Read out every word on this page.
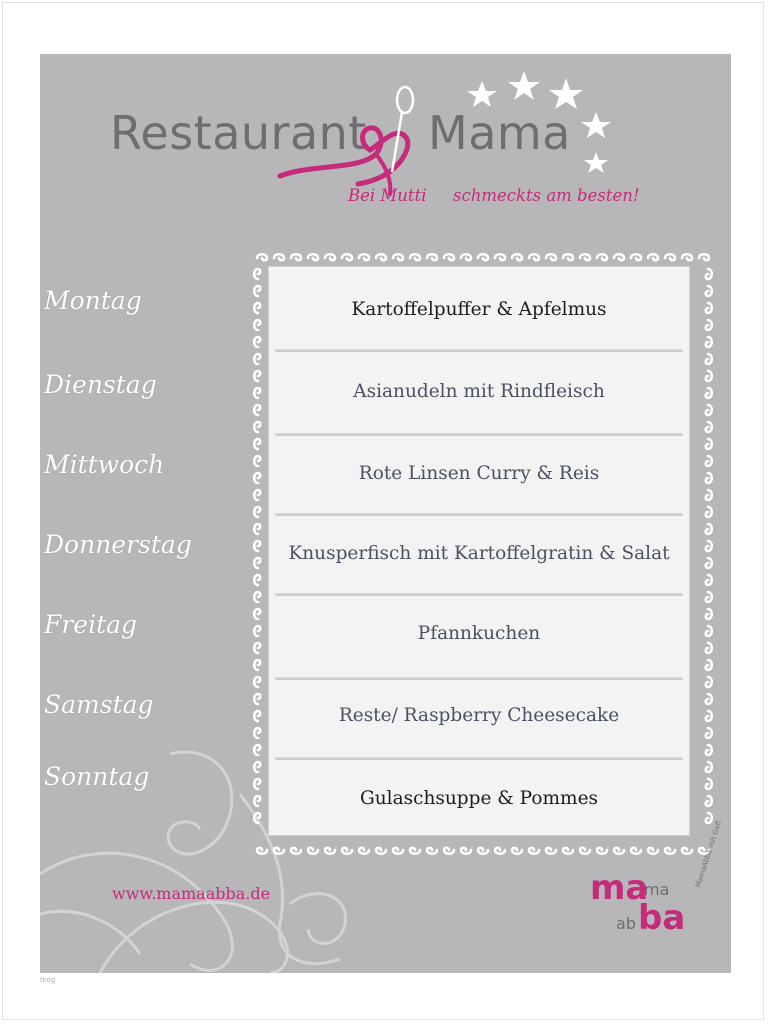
Restaurant Mama
Bei Mutti schmeckts am besten!
Montag
Dienstag
Mittwoch
Donnerstag
Freitag
Samstag
Sonntag
Kartoffelpuffer & Apfelmus
Asianudeln mit Rindfleisch
Rote Linsen Curry & Reis
Knusperfisch mit Kartoffelgratin & Salat
Pfannkuchen
Reste/ Raspberry Cheesecake
Gulaschsuppe & Pommes
www.mamaabba.de	ma
ma
ba
ab
MamaAbba mit Gefl
tkog
